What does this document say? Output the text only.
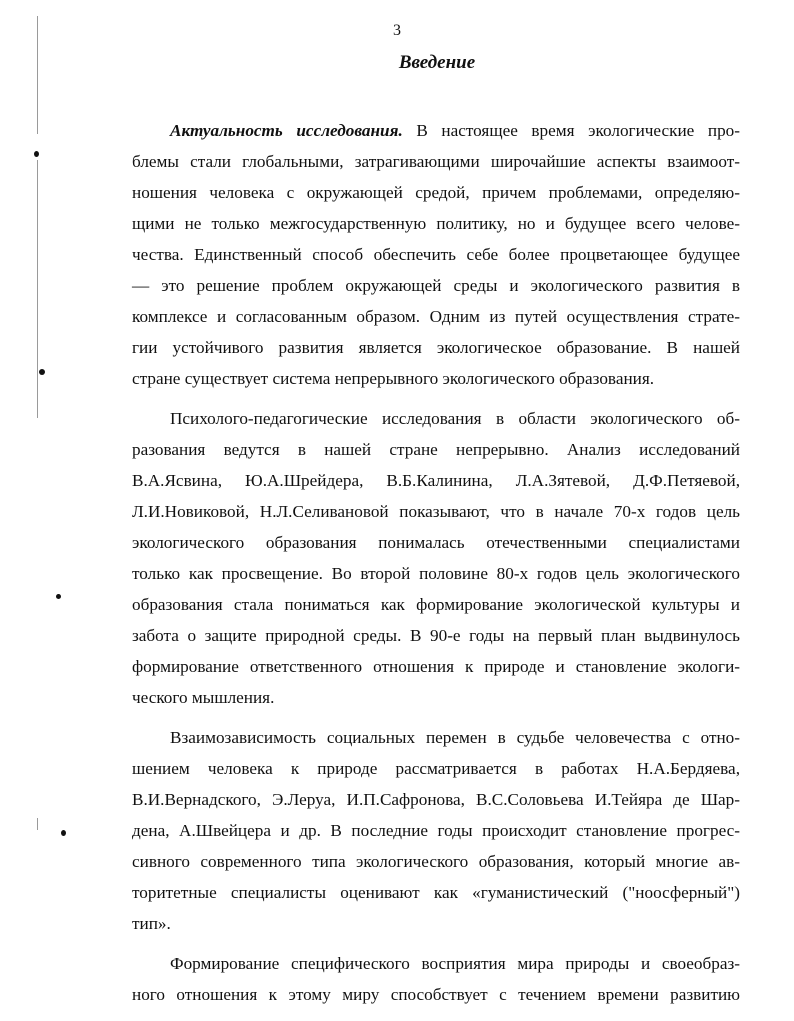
3
Введение
Актуальность исследования. В настоящее время экологические про-
блемы стали глобальными, затрагивающими широчайшие аспекты взаимоот-
ношения человека с окружающей средой, причем проблемами, определяю-
щими не только межгосударственную политику, но и будущее всего челове-
чества. Единственный способ обеспечить себе более процветающее будущее
— это решение проблем окружающей среды и экологического развития в
комплексе и согласованным образом. Одним из путей осуществления страте-
гии устойчивого развития является экологическое образование. В нашей
стране существует система непрерывного экологического образования.
Психолого-педагогические исследования в области экологического об-
разования ведутся в нашей стране непрерывно. Анализ исследований
В.А.Ясвина, Ю.А.Шрейдера, В.Б.Калинина, Л.А.Зятевой, Д.Ф.Петяевой,
Л.И.Новиковой, Н.Л.Селивановой показывают, что в начале 70-х годов цель
экологического образования понималась отечественными специалистами
только как просвещение. Во второй половине 80-х годов цель экологического
образования стала пониматься как формирование экологической культуры и
забота о защите природной среды. В 90-е годы на первый план выдвинулось
формирование ответственного отношения к природе и становление экологи-
ческого мышления.
Взаимозависимость социальных перемен в судьбе человечества с отно-
шением человека к природе рассматривается в работах Н.А.Бердяева,
В.И.Вернадского, Э.Леруа, И.П.Сафронова, В.С.Соловьева И.Тейяра де Шар-
дена, А.Швейцера и др. В последние годы происходит становление прогрес-
сивного современного типа экологического образования, который многие ав-
торитетные специалисты оценивают как «гуманистический ("ноосферный")
тип».
Формирование специфического восприятия мира природы и своеобраз-
ного отношения к этому миру способствует с течением времени развитию
